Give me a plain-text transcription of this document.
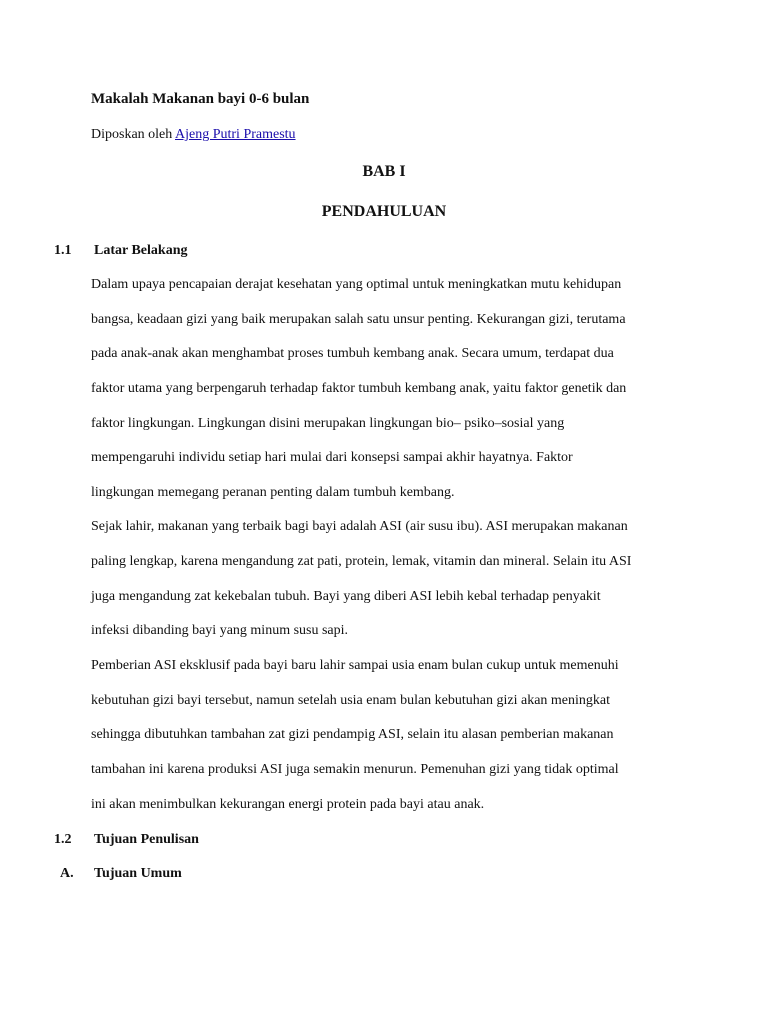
Makalah Makanan bayi 0-6 bulan
Diposkan oleh Ajeng Putri Pramestu
BAB I
PENDAHULUAN
1.1 Latar Belakang
Dalam upaya pencapaian derajat kesehatan yang optimal untuk meningkatkan mutu kehidupan
bangsa, keadaan gizi yang baik merupakan salah satu unsur penting. Kekurangan gizi, terutama
pada anak-anak akan menghambat proses tumbuh kembang anak. Secara umum, terdapat dua
faktor utama yang berpengaruh terhadap faktor tumbuh kembang anak, yaitu faktor genetik dan
faktor lingkungan. Lingkungan disini merupakan lingkungan bio– psiko–sosial yang
mempengaruhi individu setiap hari mulai dari konsepsi sampai akhir hayatnya. Faktor
lingkungan memegang peranan penting dalam tumbuh kembang.
Sejak lahir, makanan yang terbaik bagi bayi adalah ASI (air susu ibu). ASI merupakan makanan
paling lengkap, karena mengandung zat pati, protein, lemak, vitamin dan mineral. Selain itu ASI
juga mengandung zat kekebalan tubuh. Bayi yang diberi ASI lebih kebal terhadap penyakit
infeksi dibanding bayi yang minum susu sapi.
Pemberian ASI eksklusif pada bayi baru lahir sampai usia enam bulan cukup untuk memenuhi
kebutuhan gizi bayi tersebut, namun setelah usia enam bulan kebutuhan gizi akan meningkat
sehingga dibutuhkan tambahan zat gizi pendampig ASI, selain itu alasan pemberian makanan
tambahan ini karena produksi ASI juga semakin menurun. Pemenuhan gizi yang tidak optimal
ini akan menimbulkan kekurangan energi protein pada bayi atau anak.
1.2 Tujuan Penulisan
A. Tujuan Umum
